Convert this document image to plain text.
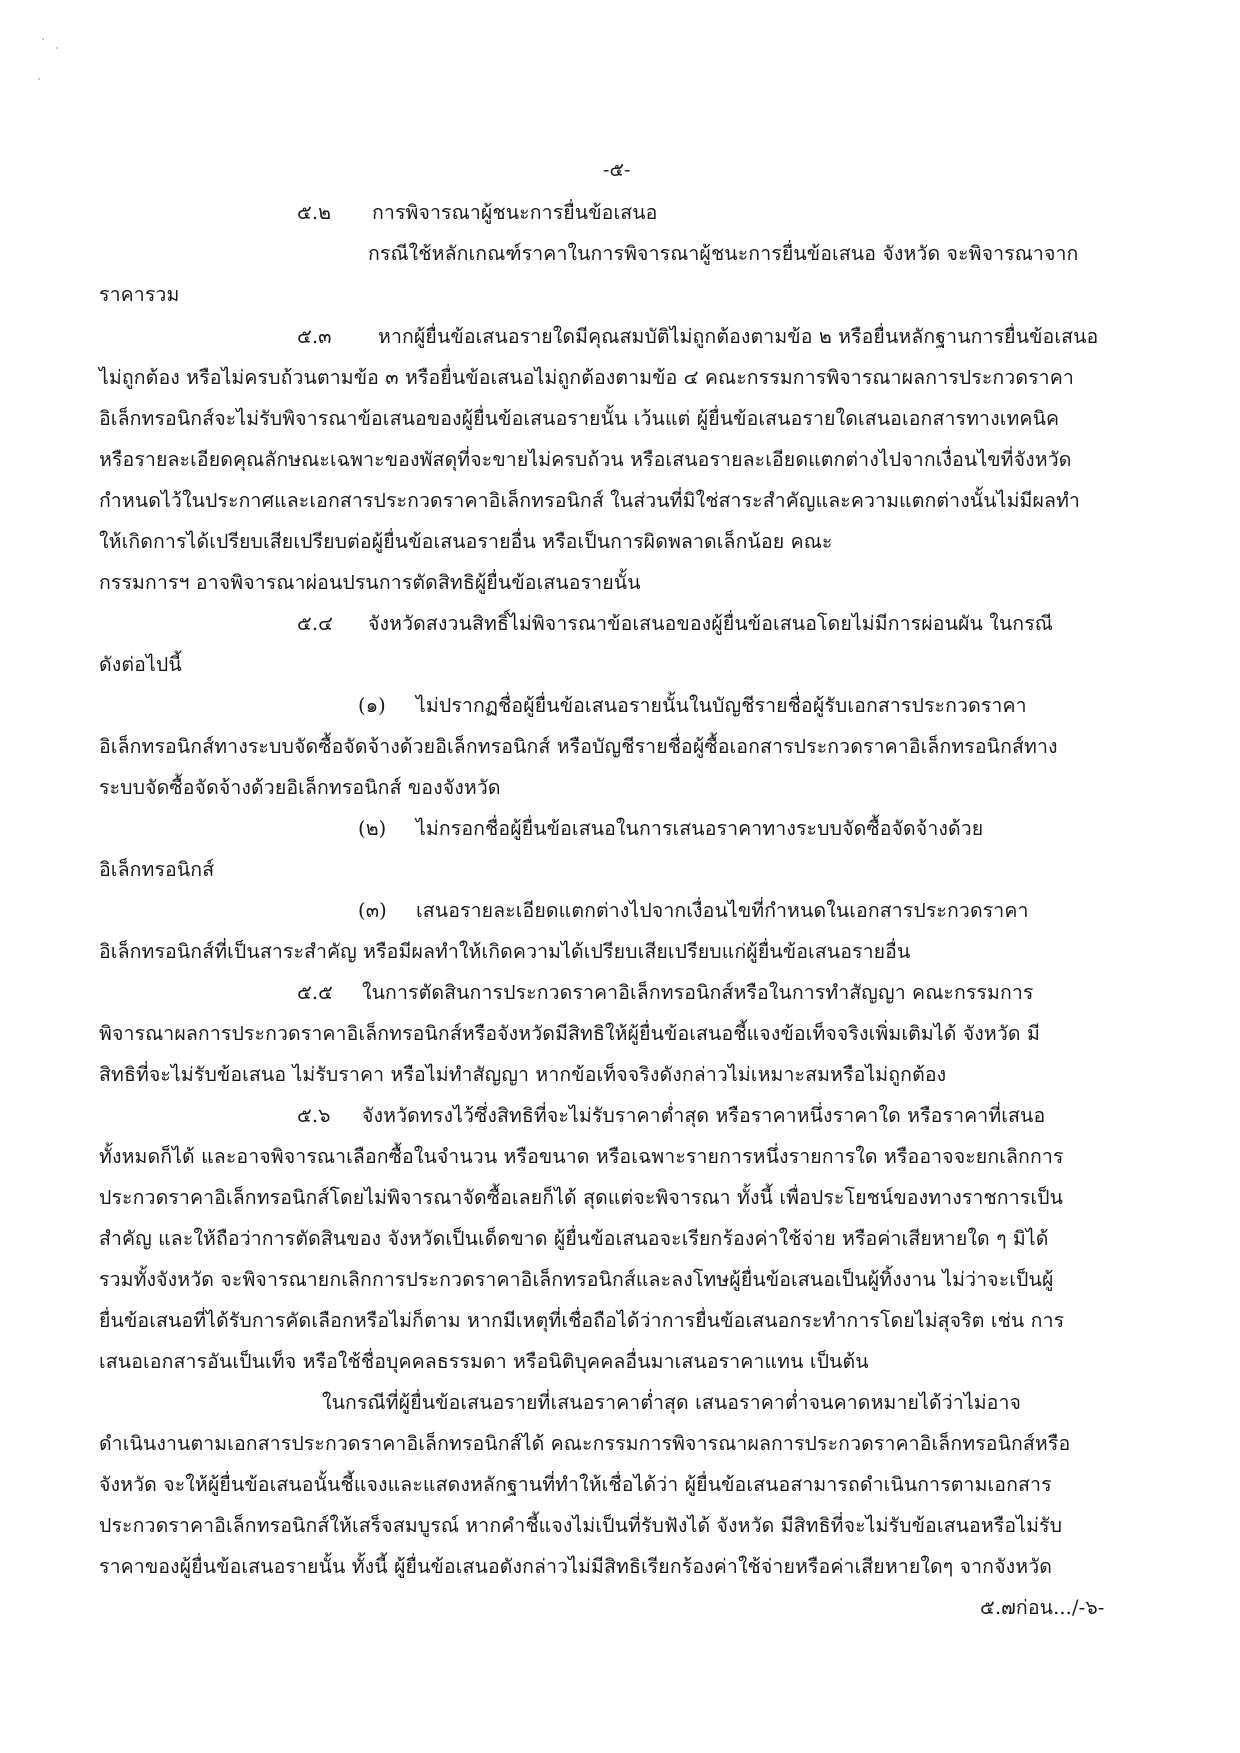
-๕-
๕.๒ การพิจารณาผู้ชนะการยื่นข้อเสนอ
กรณีใช้หลักเกณฑ์ราคาในการพิจารณาผู้ชนะการยื่นข้อเสนอ จังหวัด จะพิจารณาจาก
ราคารวม
๕.๓ หากผู้ยื่นข้อเสนอรายใดมีคุณสมบัติไม่ถูกต้องตามข้อ ๒ หรือยื่นหลักฐานการยื่นข้อเสนอ
ไม่ถูกต้อง หรือไม่ครบถ้วนตามข้อ ๓ หรือยื่นข้อเสนอไม่ถูกต้องตามข้อ ๔ คณะกรรมการพิจารณาผลการประกวดราคา
อิเล็กทรอนิกส์จะไม่รับพิจารณาข้อเสนอของผู้ยื่นข้อเสนอรายนั้น เว้นแต่ ผู้ยื่นข้อเสนอรายใดเสนอเอกสารทางเทคนิค
หรือรายละเอียดคุณลักษณะเฉพาะของพัสดุที่จะขายไม่ครบถ้วน หรือเสนอรายละเอียดแตกต่างไปจากเงื่อนไขที่จังหวัด
กำหนดไว้ในประกาศและเอกสารประกวดราคาอิเล็กทรอนิกส์ ในส่วนที่มิใช่สาระสำคัญและความแตกต่างนั้นไม่มีผลทำ
ให้เกิดการได้เปรียบเสียเปรียบต่อผู้ยื่นข้อเสนอรายอื่น หรือเป็นการผิดพลาดเล็กน้อย คณะ
กรรมการฯ อาจพิจารณาผ่อนปรนการตัดสิทธิผู้ยื่นข้อเสนอรายนั้น
๕.๔ จังหวัดสงวนสิทธิ์ไม่พิจารณาข้อเสนอของผู้ยื่นข้อเสนอโดยไม่มีการผ่อนผัน ในกรณี
ดังต่อไปนี้
(๑) ไม่ปรากฏชื่อผู้ยื่นข้อเสนอรายนั้นในบัญชีรายชื่อผู้รับเอกสารประกวดราคา
อิเล็กทรอนิกส์ทางระบบจัดซื้อจัดจ้างด้วยอิเล็กทรอนิกส์ หรือบัญชีรายชื่อผู้ซื้อเอกสารประกวดราคาอิเล็กทรอนิกส์ทาง
ระบบจัดซื้อจัดจ้างด้วยอิเล็กทรอนิกส์ ของจังหวัด
(๒) ไม่กรอกชื่อผู้ยื่นข้อเสนอในการเสนอราคาทางระบบจัดซื้อจัดจ้างด้วย
อิเล็กทรอนิกส์
(๓) เสนอรายละเอียดแตกต่างไปจากเงื่อนไขที่กำหนดในเอกสารประกวดราคา
อิเล็กทรอนิกส์ที่เป็นสาระสำคัญ หรือมีผลทำให้เกิดความได้เปรียบเสียเปรียบแก่ผู้ยื่นข้อเสนอรายอื่น
๕.๕ ในการตัดสินการประกวดราคาอิเล็กทรอนิกส์หรือในการทำสัญญา คณะกรรมการ
พิจารณาผลการประกวดราคาอิเล็กทรอนิกส์หรือจังหวัดมีสิทธิให้ผู้ยื่นข้อเสนอชี้แจงข้อเท็จจริงเพิ่มเติมได้ จังหวัด มี
สิทธิที่จะไม่รับข้อเสนอ ไม่รับราคา หรือไม่ทำสัญญา หากข้อเท็จจริงดังกล่าวไม่เหมาะสมหรือไม่ถูกต้อง
๕.๖ จังหวัดทรงไว้ซึ่งสิทธิที่จะไม่รับราคาต่ำสุด หรือราคาหนึ่งราคาใด หรือราคาที่เสนอ
ทั้งหมดก็ได้ และอาจพิจารณาเลือกซื้อในจำนวน หรือขนาด หรือเฉพาะรายการหนึ่งรายการใด หรืออาจจะยกเลิกการ
ประกวดราคาอิเล็กทรอนิกส์โดยไม่พิจารณาจัดซื้อเลยก็ได้ สุดแต่จะพิจารณา ทั้งนี้ เพื่อประโยชน์ของทางราชการเป็น
สำคัญ และให้ถือว่าการตัดสินของ จังหวัดเป็นเด็ดขาด ผู้ยื่นข้อเสนอจะเรียกร้องค่าใช้จ่าย หรือค่าเสียหายใด ๆ มิได้
รวมทั้งจังหวัด จะพิจารณายกเลิกการประกวดราคาอิเล็กทรอนิกส์และลงโทษผู้ยื่นข้อเสนอเป็นผู้ทิ้งงาน ไม่ว่าจะเป็นผู้
ยื่นข้อเสนอที่ได้รับการคัดเลือกหรือไม่ก็ตาม หากมีเหตุที่เชื่อถือได้ว่าการยื่นข้อเสนอกระทำการโดยไม่สุจริต เช่น การ
เสนอเอกสารอันเป็นเท็จ หรือใช้ชื่อบุคคลธรรมดา หรือนิติบุคคลอื่นมาเสนอราคาแทน เป็นต้น
ในกรณีที่ผู้ยื่นข้อเสนอรายที่เสนอราคาต่ำสุด เสนอราคาต่ำจนคาดหมายได้ว่าไม่อาจ
ดำเนินงานตามเอกสารประกวดราคาอิเล็กทรอนิกส์ได้ คณะกรรมการพิจารณาผลการประกวดราคาอิเล็กทรอนิกส์หรือ
จังหวัด จะให้ผู้ยื่นข้อเสนอนั้นชี้แจงและแสดงหลักฐานที่ทำให้เชื่อได้ว่า ผู้ยื่นข้อเสนอสามารถดำเนินการตามเอกสาร
ประกวดราคาอิเล็กทรอนิกส์ให้เสร็จสมบูรณ์ หากคำชี้แจงไม่เป็นที่รับฟังได้ จังหวัด มีสิทธิที่จะไม่รับข้อเสนอหรือไม่รับ
ราคาของผู้ยื่นข้อเสนอรายนั้น ทั้งนี้ ผู้ยื่นข้อเสนอดังกล่าวไม่มีสิทธิเรียกร้องค่าใช้จ่ายหรือค่าเสียหายใดๆ จากจังหวัด
๕.๗ก่อน.../-๖-
